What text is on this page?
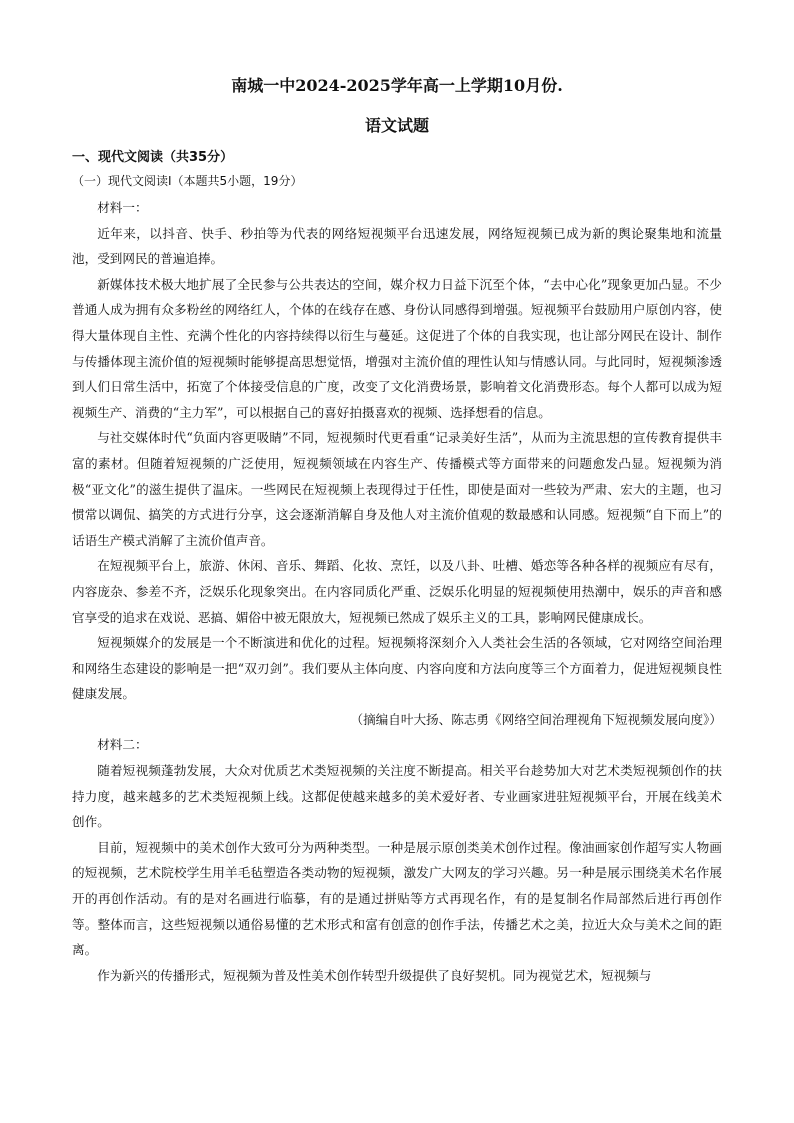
南城一中2024-2025学年高一上学期10月份.
语文试题
一、现代文阅读（共35分）
（一）现代文阅读Ⅰ（本题共5小题，19分）

材料一：

近年来，以抖音、快手、秒拍等为代表的网络短视频平台迅速发展，网络短视频已成为新的舆论聚集地和流量池，受到网民的普遍追捧。

新媒体技术极大地扩展了全民参与公共表达的空间，媒介权力日益下沉至个体，“去中心化”现象更加凸显。不少普通人成为拥有众多粉丝的网络红人，个体的在线存在感、身份认同感得到增强。短视频平台鼓励用户原创内容，使得大量体现自主性、充满个性化的内容持续得以衍生与蔓延。这促进了个体的自我实现，也让部分网民在设计、制作与传播体现主流价值的短视频时能够提高思想觉悟，增强对主流价值的理性认知与情感认同。与此同时，短视频渗透到人们日常生活中，拓宽了个体接受信息的广度，改变了文化消费场景，影响着文化消费形态。每个人都可以成为短视频生产、消费的“主力军”，可以根据自己的喜好拍摄喜欢的视频、选择想看的信息。

与社交媒体时代“负面内容更吸睛”不同，短视频时代更看重“记录美好生活”，从而为主流思想的宣传教育提供丰富的素材。但随着短视频的广泛使用，短视频领域在内容生产、传播模式等方面带来的问题愈发凸显。短视频为消极“亚文化”的滋生提供了温床。一些网民在短视频上表现得过于任性，即使是面对一些较为严肃、宏大的主题，也习惯常以调侃、搞笑的方式进行分享，这会逐渐消解自身及他人对主流价值观的数最感和认同感。短视频“自下而上”的话语生产模式消解了主流价值声音。

在短视频平台上，旅游、休闲、音乐、舞蹈、化妆、烹饪，以及八卦、吐槽、婚恋等各种各样的视频应有尽有，内容庞杂、参差不齐，泛娱乐化现象突出。在内容同质化严重、泛娱乐化明显的短视频使用热潮中，娱乐的声音和感官享受的追求在戏说、恶搞、媚俗中被无限放大，短视频已然成了娱乐主义的工具，影响网民健康成长。

短视频媒介的发展是一个不断演进和优化的过程。短视频将深刻介入人类社会生活的各领域，它对网络空间治理和网络生态建设的影响是一把“双刃剑”。我们要从主体向度、内容向度和方法向度等三个方面着力，促进短视频良性健康发展。

（摘编自叶大扬、陈志勇《网络空间治理视角下短视频发展向度》）

材料二：

随着短视频蓬勃发展，大众对优质艺术类短视频的关注度不断提高。相关平台趁势加大对艺术类短视频创作的扶持力度，越来越多的艺术类短视频上线。这都促使越来越多的美术爱好者、专业画家进驻短视频平台，开展在线美术创作。

目前，短视频中的美术创作大致可分为两种类型。一种是展示原创类美术创作过程。像油画家创作超写实人物画的短视频，艺术院校学生用羊毛毡塑造各类动物的短视频，激发广大网友的学习兴趣。另一种是展示围绕美术名作展开的再创作活动。有的是对名画进行临摹，有的是通过拼贴等方式再现名作，有的是复制名作局部然后进行再创作等。整体而言，这些短视频以通俗易懂的艺术形式和富有创意的创作手法，传播艺术之美，拉近大众与美术之间的距离。

作为新兴的传播形式，短视频为普及性美术创作转型升级提供了良好契机。同为视觉艺术，短视频与
